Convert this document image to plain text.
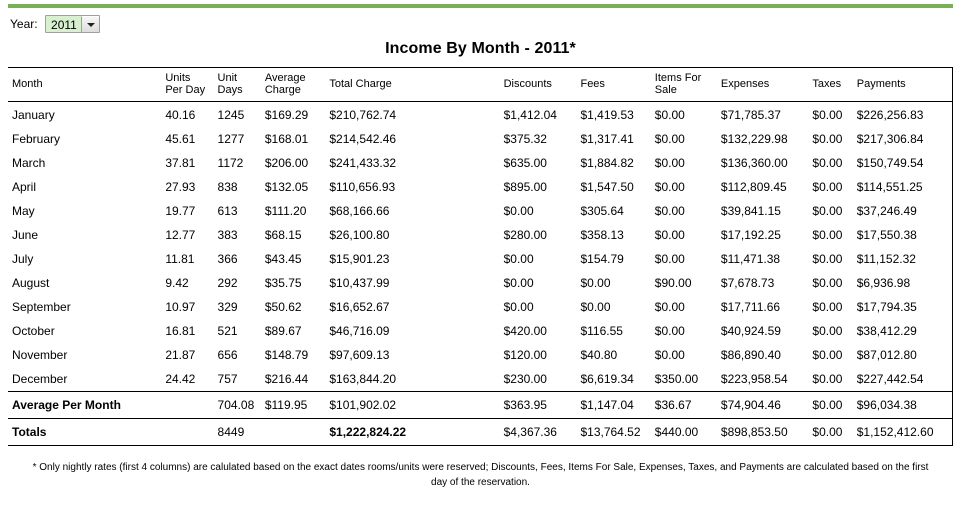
Year: 2011
Income By Month - 2011*
Month	Units Per Day	Unit Days	Average Charge	Total Charge	Discounts	Fees	Items For Sale	Expenses	Taxes	Payments
January	40.16	1245	$169.29	$210,762.74	$1,412.04	$1,419.53	$0.00	$71,785.37	$0.00	$226,256.83
February	45.61	1277	$168.01	$214,542.46	$375.32	$1,317.41	$0.00	$132,229.98	$0.00	$217,306.84
March	37.81	1172	$206.00	$241,433.32	$635.00	$1,884.82	$0.00	$136,360.00	$0.00	$150,749.54
April	27.93	838	$132.05	$110,656.93	$895.00	$1,547.50	$0.00	$112,809.45	$0.00	$114,551.25
May	19.77	613	$111.20	$68,166.66	$0.00	$305.64	$0.00	$39,841.15	$0.00	$37,246.49
June	12.77	383	$68.15	$26,100.80	$280.00	$358.13	$0.00	$17,192.25	$0.00	$17,550.38
July	11.81	366	$43.45	$15,901.23	$0.00	$154.79	$0.00	$11,471.38	$0.00	$11,152.32
August	9.42	292	$35.75	$10,437.99	$0.00	$0.00	$90.00	$7,678.73	$0.00	$6,936.98
September	10.97	329	$50.62	$16,652.67	$0.00	$0.00	$0.00	$17,711.66	$0.00	$17,794.35
October	16.81	521	$89.67	$46,716.09	$420.00	$116.55	$0.00	$40,924.59	$0.00	$38,412.29
November	21.87	656	$148.79	$97,609.13	$120.00	$40.80	$0.00	$86,890.40	$0.00	$87,012.80
December	24.42	757	$216.44	$163,844.20	$230.00	$6,619.34	$350.00	$223,958.54	$0.00	$227,442.54
Average Per Month		704.08	$119.95	$101,902.02	$363.95	$1,147.04	$36.67	$74,904.46	$0.00	$96,034.38
Totals		8449		$1,222,824.22	$4,367.36	$13,764.52	$440.00	$898,853.50	$0.00	$1,152,412.60
* Only nightly rates (first 4 columns) are calulated based on the exact dates rooms/units were reserved; Discounts, Fees, Items For Sale, Expenses, Taxes, and Payments are calculated based on the first day of the reservation.
